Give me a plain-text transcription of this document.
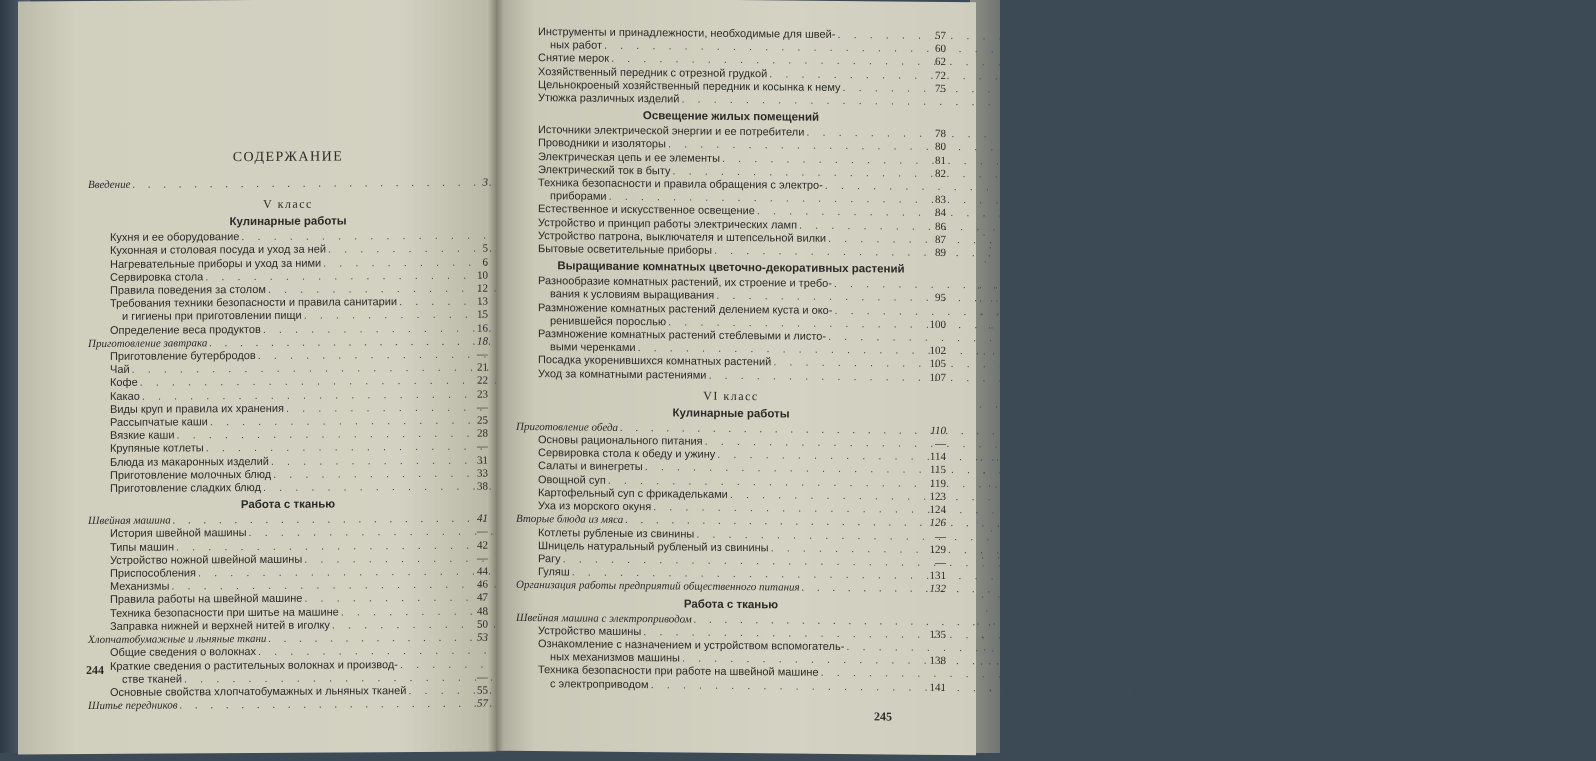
СОДЕРЖАНИЕ
Введение . . .	3
V класс
Кулинарные работы
Кухня и ее оборудование
. . .
Кухонная и столовая посуда и уход за ней . . .	5
Нагревательные приборы и уход за ними . . .	6
Сервировка стола . . .	10
Правила поведения за столом . . .	12
Требования техники безопасности и правила санитарии . . .	13
и гигиены при приготовлении пищи . . .	15
Определение веса продуктов . . .	16
Приготовление завтрака . . .	18
Приготовление бутербродов . . .	—
Чай . . .	21
Кофе . . .	22
Какао . . .	23
Виды круп и правила их хранения . . .	—
Рассыпчатые каши . . .	25
Вязкие каши . . .	28
Крупяные котлеты . . .	—
Блюда из макаронных изделий . . .	31
Приготовление молочных блюд . . .	33
Приготовление сладких блюд . . .	38
Работа с тканью
Швейная машина . . .	41
История швейной машины . . .	—
Типы машин . . .	42
Устройство ножной швейной машины . . .	—
Приспособления . . .	44
Механизмы . . .	46
Правила работы на швейной машине . . .	47
Техника безопасности при шитье на машине . . .	48
Заправка нижней и верхней нитей в иголку . . .	50
Хлопчатобумажные и льняные ткани . . .	53
Общие сведения о волокнах
. . .
Краткие сведения о растительных волокнах и производ-
. . .
стве тканей . . .	—
Основные свойства хлопчатобумажных и льняных тканей . . .	55
Шитье передников . . .	57
244
Инструменты и принадлежности, необходимые для швей- . . .	57
ных работ . . .	60
Снятие мерок . . .	62
Хозяйственный передник с отрезной грудкой . . .	72
Цельнокроеный хозяйственный передник и косынка к нему . . .	75
Утюжка различных изделий
. . .
Освещение жилых помещений
Источники электрической энергии и ее потребители . . .	78
Проводники и изоляторы . . .	80
Электрическая цепь и ее элементы . . .	81
Электрический ток в быту . . .	82
Техника безопасности и правила обращения с электро-
. . .
приборами . . .	83
Естественное и искусственное освещение . . .	84
Устройство и принцип работы электрических ламп . . .	86
Устройство патрона, выключателя и штепсельной вилки . . .	87
Бытовые осветительные приборы . . .	89
Выращивание комнатных цветочно-декоративных растений
Разнообразие комнатных растений, их строение и требо-
. . .
вания к условиям выращивания . . .	95
Размножение комнатных растений делением куста и око-
. . .
ренившейся порослью . . .	100
Размножение комнатных растений стеблевыми и листо-
. . .
выми черенками . . .	102
Посадка укоренившихся комнатных растений . . .	105
Уход за комнатными растениями . . .	107
VI класс
Кулинарные работы
Приготовление обеда . . .	110
Основы рационального питания . . .	—
Сервировка стола к обеду и ужину . . .	114
Салаты и винегреты . . .	115
Овощной суп . . .	119
Картофельный суп с фрикадельками . . .	123
Уха из морского окуня . . .	124
Вторые блюда из мяса . . .	126
Котлеты рубленые из свинины . . .	—
Шницель натуральный рубленый из свинины . . .	129
Рагу . . .	—
Гуляш . . .	131
Организация работы предприятий общественного питания . . .	132
Работа с тканью
Швейная машина с электроприводом
. . .
Устройство машины . . .	135
Ознакомление с назначением и устройством вспомогатель-
. . .
ных механизмов машины . . .	138
Техника безопасности при работе на швейной машине
. . .
с электроприводом . . .	141
245
